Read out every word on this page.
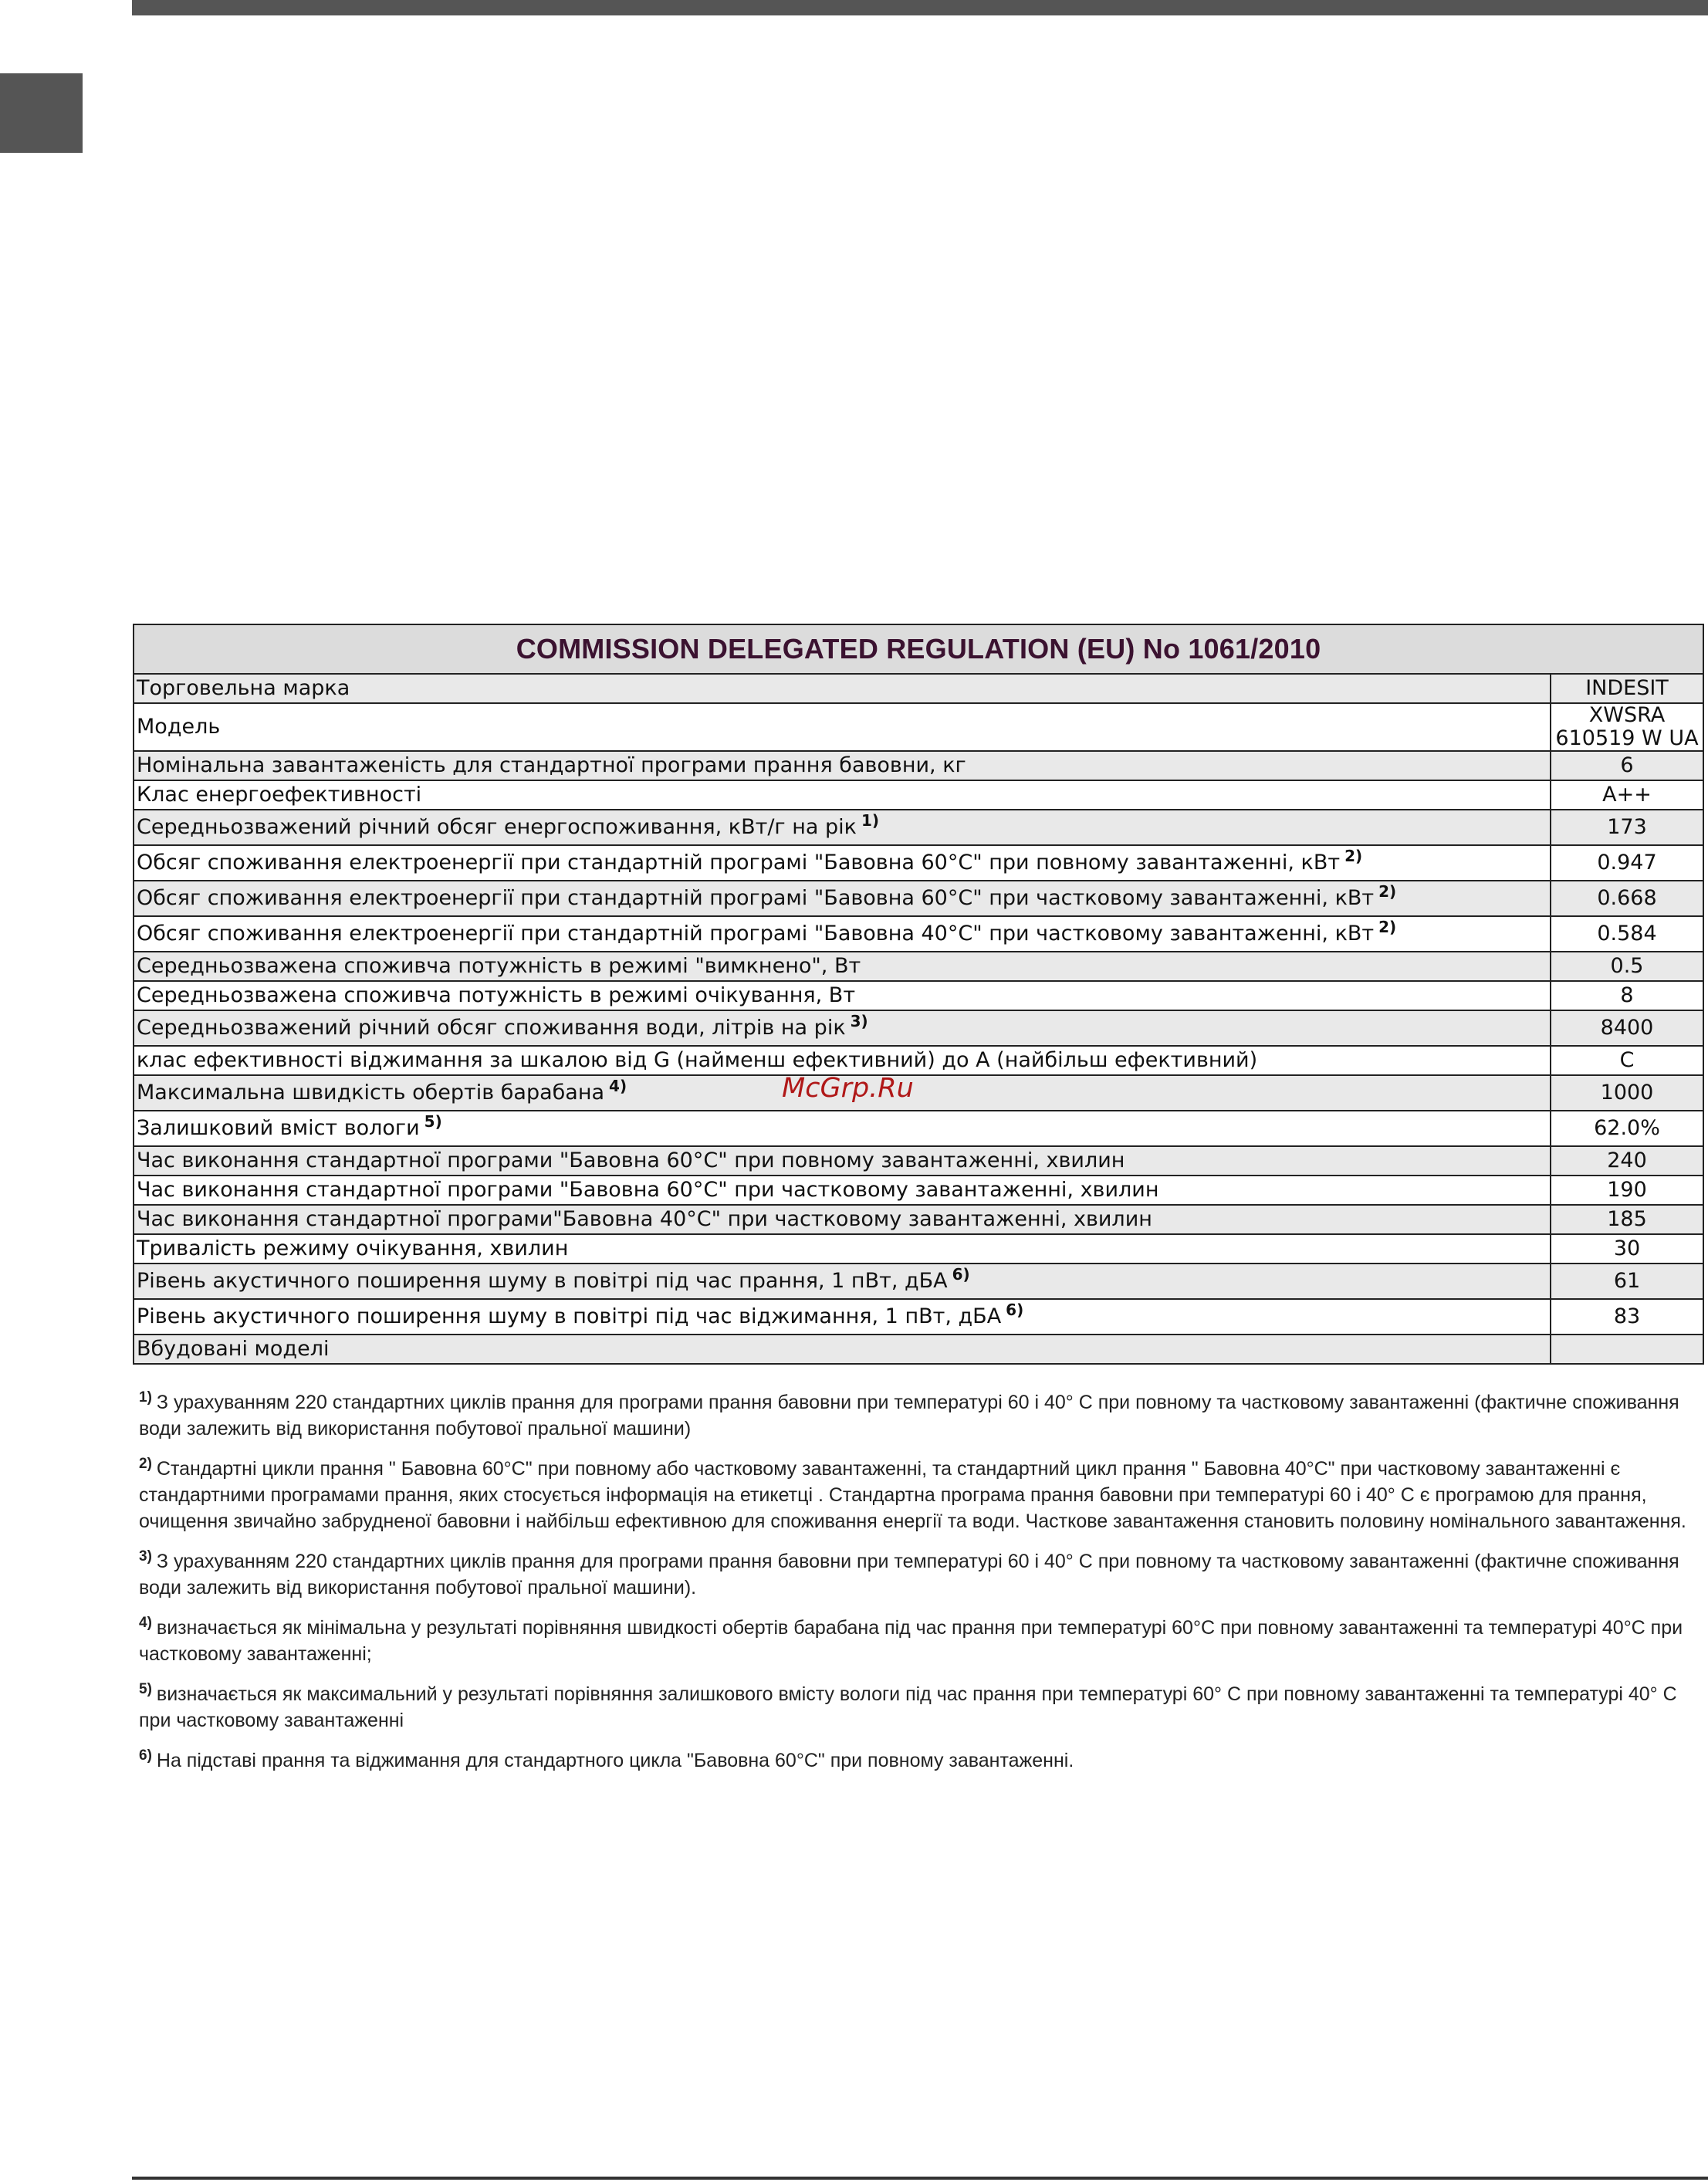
COMMISSION DELEGATED REGULATION (EU) No 1061/2010	
Торговельна марка	INDESIT
Модель	XWSRA 610519 W UA
Номінальна завантаженість для стандартної програми прання бавовни, кг	6
Клас енергоефективності	A++
Середньозважений річний обсяг енергоспоживання, кВт/г на рік $^{1)}$	173
Обсяг споживання електроенергії при стандартній програмі "Бавовна 60°C" при повному завантаженні, кВт $^{2)}$	0.947
Обсяг споживання електроенергії при стандартній програмі "Бавовна 60°C" при частковому завантаженні, кВт $^{2)}$	0.668
Обсяг споживання електроенергії при стандартній програмі "Бавовна 40°C" при частковому завантаженні, кВт $^{2)}$	0.584
Середньозважена споживча потужність в режимі "вимкнено", Вт	0.5
Середньозважена споживча потужність в режимі очікування, Вт	8
Середньозважений річний обсяг споживання води, літрів на рік $^{3)}$	8400
клас ефективності віджимання за шкалою від G (найменш ефективний) до A (найбільш ефективний)	C
Максимальна швидкість обертів барабана $^{4)}$	1000
Залишковий вміст вологи $^{5)}$	62.0%
Час виконання стандартної програми "Бавовна 60°C" при повному завантаженні, хвилин	240
Час виконання стандартної програми "Бавовна 60°C" при частковому завантаженні, хвилин	190
Час виконання стандартної програми"Бавовна 40°C" при частковому завантаженні, хвилин	185
Тривалість режиму очікування, хвилин	30
Рівень акустичного поширення шуму в повітрі під час прання, 1 пВт, дБА $^{6)}$	61
Рівень акустичного поширення шуму в повітрі під час віджимання, 1 пВт, дБА $^{6)}$	83
Вбудовані моделі	
McGrp.Ru

$^{1)}$ З урахуванням 220 стандартних циклів прання для програми прання бавовни при температурі 60 і 40° С при повному та частковому завантаженні (фактичне споживання води залежить від використання побутової пральної машини)

$^{2)}$ Стандартні цикли прання " Бавовна 60°C" при повному або частковому завантаженні, та стандартний цикл прання " Бавовна 40°C" при частковому завантаженні є стандартними програмами прання, яких стосується інформація на етикетці . Стандартна програма прання бавовни при температурі 60 і 40° С є програмою для прання, очищення звичайно забрудненої бавовни і найбільш ефективною для споживання енергії та води. Часткове завантаження становить половину номінального завантаження.

$^{3)}$ З урахуванням 220 стандартних циклів прання для програми прання бавовни при температурі 60 і 40° С при повному та частковому завантаженні (фактичне споживання води залежить від використання побутової пральної машини).

$^{4)}$ визначається як мінімальна у результаті порівняння швидкості обертів барабана під час прання при температурі 60°C при повному завантаженні та температурі 40°C при частковому завантаженні;

$^{5)}$ визначається як максимальний у результаті порівняння залишкового вмісту вологи під час прання при температурі 60° С при повному завантаженні та температурі 40° С при частковому завантаженні

$^{6)}$ На підставі прання та віджимання для стандартного цикла "Бавовна 60°C" при повному завантаженні.
